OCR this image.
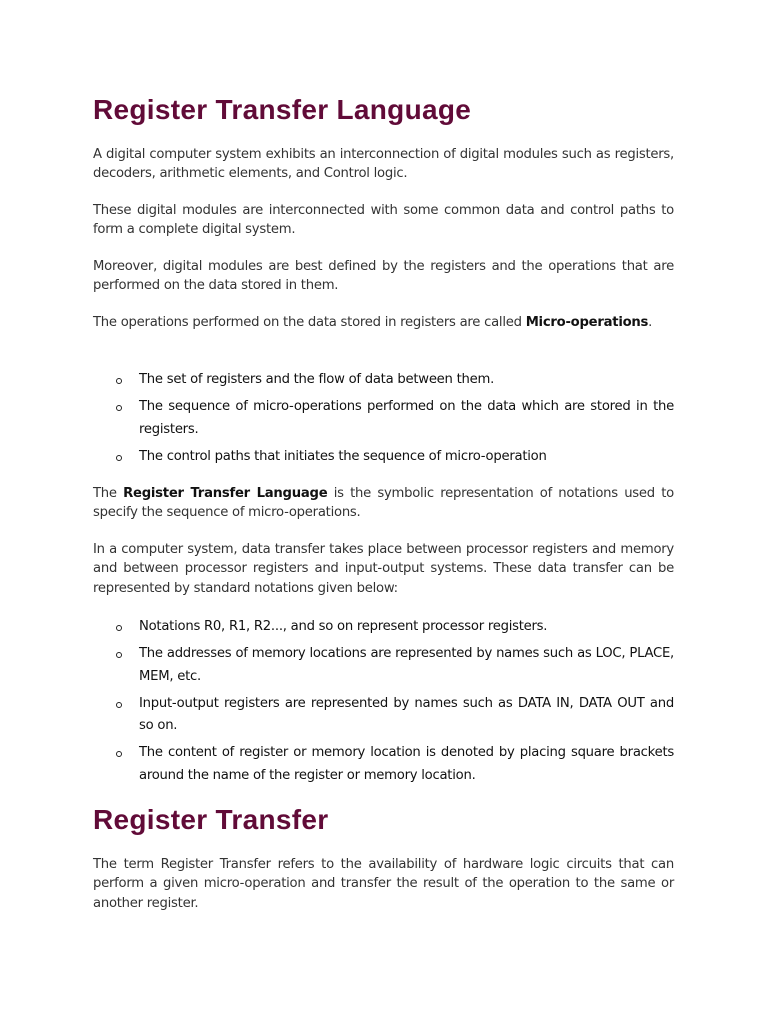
Register Transfer Language

A digital computer system exhibits an interconnection of digital modules such as registers, decoders, arithmetic elements, and Control logic.

These digital modules are interconnected with some common data and control paths to form a complete digital system.

Moreover, digital modules are best defined by the registers and the operations that are performed on the data stored in them.

The operations performed on the data stored in registers are called Micro-operations.

The set of registers and the flow of data between them.
The sequence of micro-operations performed on the data which are stored in the registers.
The control paths that initiates the sequence of micro-operation

The Register Transfer Language is the symbolic representation of notations used to specify the sequence of micro-operations.

In a computer system, data transfer takes place between processor registers and memory and between processor registers and input-output systems. These data transfer can be represented by standard notations given below:

Notations R0, R1, R2..., and so on represent processor registers.
The addresses of memory locations are represented by names such as LOC, PLACE, MEM, etc.
Input-output registers are represented by names such as DATA IN, DATA OUT and so on.
The content of register or memory location is denoted by placing square brackets around the name of the register or memory location.
Register Transfer

The term Register Transfer refers to the availability of hardware logic circuits that can perform a given micro-operation and transfer the result of the operation to the same or another register.
